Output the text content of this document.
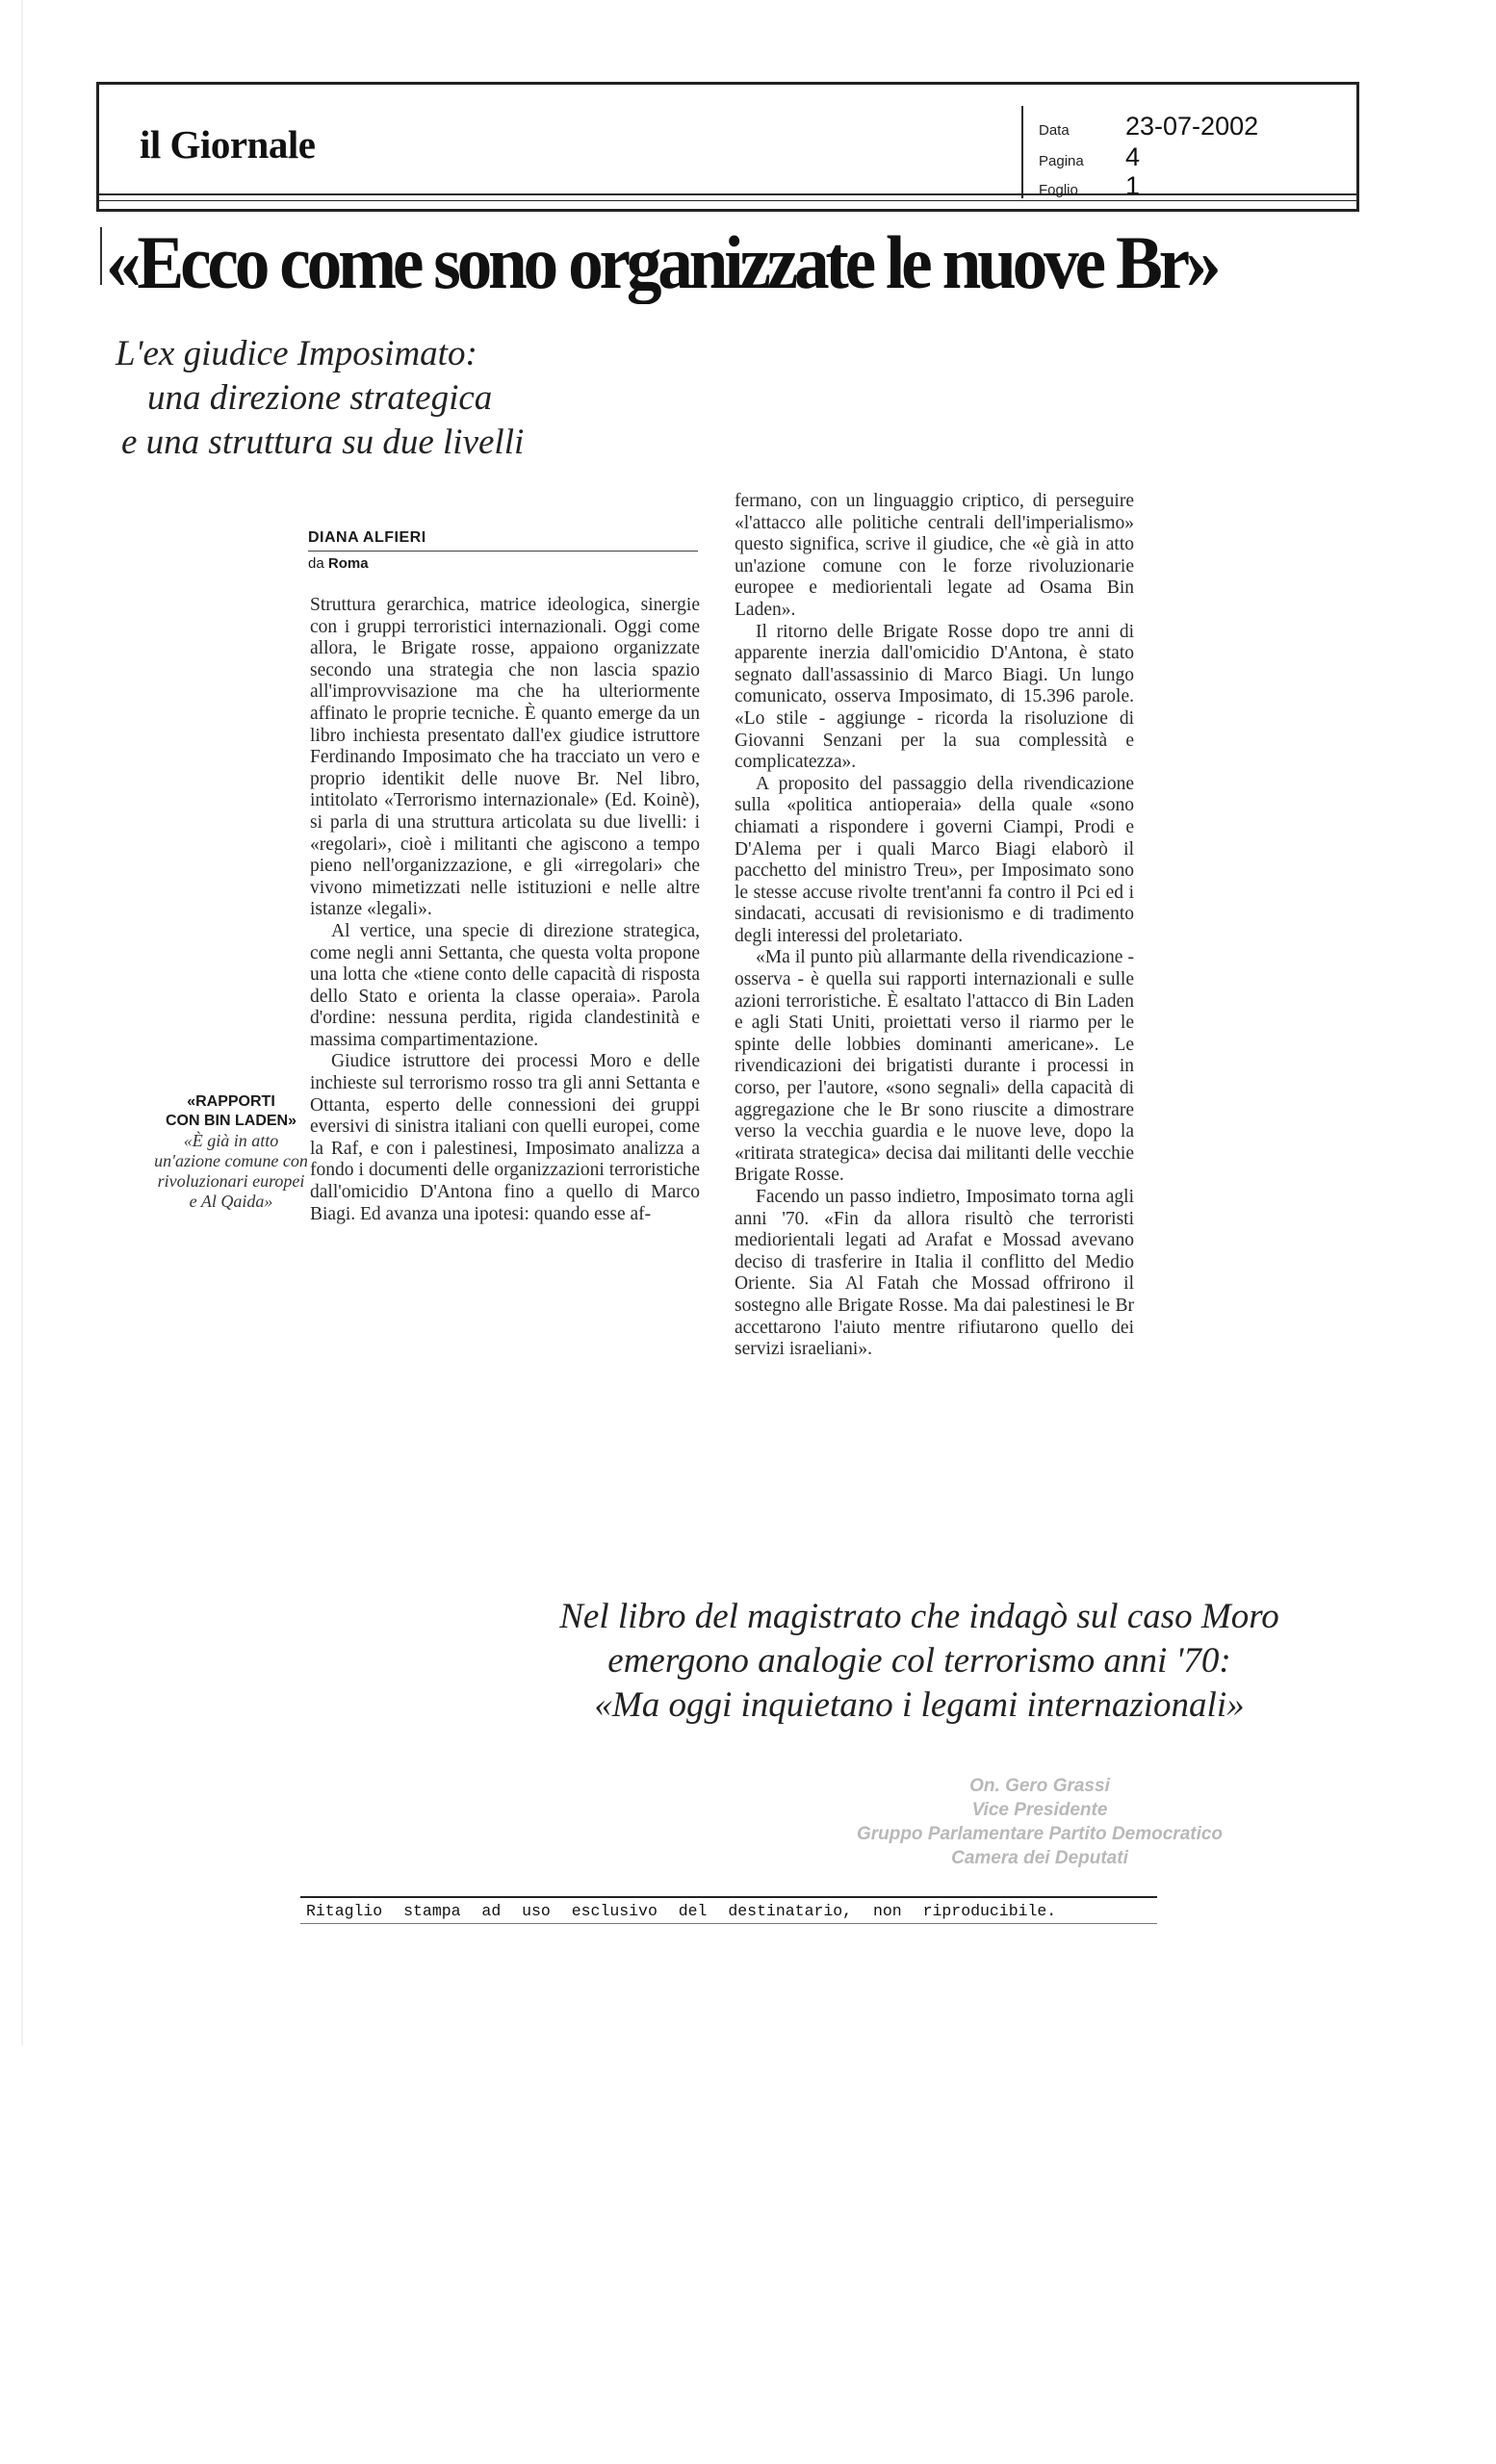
il Giornale	Data	23-07-2002
Pagina	4
Foglio	1
«Ecco come sono organizzate le nuove Br»
L'ex giudice Imposimato:
una direzione strategica
e una struttura su due livelli
DIANA ALFIERI
da Roma

Struttura gerarchica, matrice ideologica, sinergie con i gruppi terroristici internazionali. Oggi come allora, le Brigate rosse, appaiono organizzate secondo una strategia che non lascia spazio all'improvvisazione ma che ha ulteriormente affinato le proprie tecniche. È quanto emerge da un libro inchiesta presentato dall'ex giudice istruttore Ferdinando Imposimato che ha tracciato un vero e proprio identikit delle nuove Br. Nel libro, intitolato «Terrorismo internazionale» (Ed. Koinè), si parla di una struttura articolata su due livelli: i «regolari», cioè i militanti che agiscono a tempo pieno nell'organizzazione, e gli «irregolari» che vivono mimetizzati nelle istituzioni e nelle altre istanze «legali».

Al vertice, una specie di direzione strategica, come negli anni Settanta, che questa volta propone una lotta che «tiene conto delle capacità di risposta dello Stato e orienta la classe operaia». Parola d'ordine: nessuna perdita, rigida clandestinità e massima compartimentazione.

Giudice istruttore dei processi Moro e delle inchieste sul terrorismo rosso tra gli anni Settanta e Ottanta, esperto delle connessioni dei gruppi eversivi di sinistra italiani con quelli europei, come la Raf, e con i palestinesi, Imposimato analizza a fondo i documenti delle organizzazioni terroristiche dall'omicidio D'Antona fino a quello di Marco Biagi. Ed avanza una ipotesi: quando esse af-

fermano, con un linguaggio criptico, di perseguire «l'attacco alle politiche centrali dell'imperialismo» questo significa, scrive il giudice, che «è già in atto un'azione comune con le forze rivoluzionarie europee e mediorientali legate ad Osama Bin Laden».

Il ritorno delle Brigate Rosse dopo tre anni di apparente inerzia dall'omicidio D'Antona, è stato segnato dall'assassinio di Marco Biagi. Un lungo comunicato, osserva Imposimato, di 15.396 parole. «Lo stile - aggiunge - ricorda la risoluzione di Giovanni Senzani per la sua complessità e complicatezza».

A proposito del passaggio della rivendicazione sulla «politica antioperaia» della quale «sono chiamati a rispondere i governi Ciampi, Prodi e D'Alema per i quali Marco Biagi elaborò il pacchetto del ministro Treu», per Imposimato sono le stesse accuse rivolte trent'anni fa contro il Pci ed i sindacati, accusati di revisionismo e di tradimento degli interessi del proletariato.

«Ma il punto più allarmante della rivendicazione - osserva - è quella sui rapporti internazionali e sulle azioni terroristiche. È esaltato l'attacco di Bin Laden e agli Stati Uniti, proiettati verso il riarmo per le spinte delle lobbies dominanti americane». Le rivendicazioni dei brigatisti durante i processi in corso, per l'autore, «sono segnali» della capacità di aggregazione che le Br sono riuscite a dimostrare verso la vecchia guardia e le nuove leve, dopo la «ritirata strategica» decisa dai militanti delle vecchie Brigate Rosse.

Facendo un passo indietro, Imposimato torna agli anni '70. «Fin da allora risultò che terroristi mediorientali legati ad Arafat e Mossad avevano deciso di trasferire in Italia il conflitto del Medio Oriente. Sia Al Fatah che Mossad offrirono il sostegno alle Brigate Rosse. Ma dai palestinesi le Br accettarono l'aiuto mentre rifiutarono quello dei servizi israeliani».

«RAPPORTI
CON BIN LADEN»
«È già in atto un'azione comune con rivoluzionari europei e Al Qaida»
Nel libro del magistrato che indagò sul caso Moro
emergono analogie col terrorismo anni '70:
«Ma oggi inquietano i legami internazionali»
On. Gero Grassi
Vice Presidente
Gruppo Parlamentare Partito Democratico
Camera dei Deputati
Ritaglio stampa ad uso esclusivo del destinatario, non riproducibile.
